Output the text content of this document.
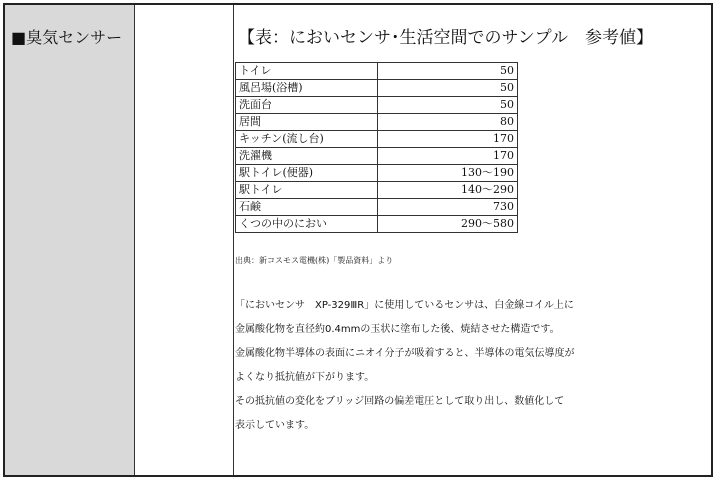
■臭気センサー	【表：においセンサ･生活空間でのサンプル　参考値】
トイレ	50
風呂場(浴槽)	50
洗面台	50
居間	80
キッチン(流し台)	170
洗濯機	170
駅トイレ(便器)	130～190
駅トイレ	140～290
石鹸	730
くつの中のにおい	290～580
出典：新コスモス電機(株)「製品資料」より
「においセンサ　XP-329ⅢR」に使用しているセンサは、白金線コイル上に
金属酸化物を直径約0.4mmの玉状に塗布した後、焼結させた構造です。
金属酸化物半導体の表面にニオイ分子が吸着すると、半導体の電気伝導度が
よくなり抵抗値が下がります。
その抵抗値の変化をブリッジ回路の偏差電圧として取り出し、数値化して
表示しています。
